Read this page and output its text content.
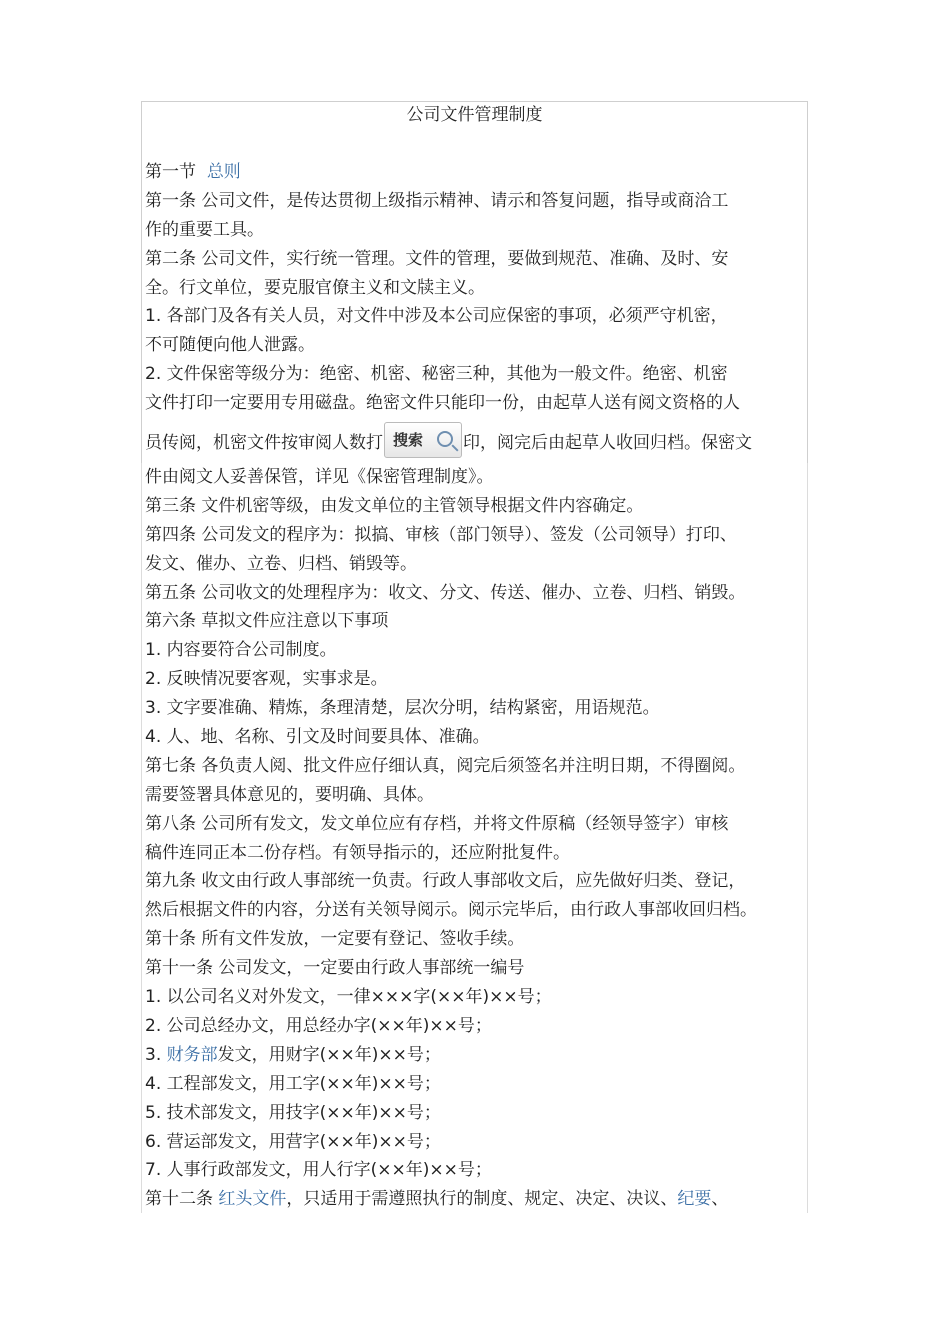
公司文件管理制度
第一节 总则
第一条 公司文件，是传达贯彻上级指示精神、请示和答复问题，指导或商洽工
作的重要工具。
第二条 公司文件，实行统一管理。文件的管理，要做到规范、准确、及时、安
全。行文单位，要克服官僚主义和文牍主义。
1. 各部门及各有关人员，对文件中涉及本公司应保密的事项，必须严守机密，
不可随便向他人泄露。
2. 文件保密等级分为：绝密、机密、秘密三种，其他为一般文件。绝密、机密
文件打印一定要用专用磁盘。绝密文件只能印一份，由起草人送有阅文资格的人
员传阅，机密文件按审阅人数打 搜索 印，阅完后由起草人收回归档。保密文
件由阅文人妥善保管，详见《保密管理制度》。
第三条 文件机密等级，由发文单位的主管领导根据文件内容确定。
第四条 公司发文的程序为：拟搞、审核（部门领导）、签发（公司领导）打印、
发文、催办、立卷、归档、销毁等。
第五条 公司收文的处理程序为：收文、分文、传送、催办、立卷、归档、销毁。
第六条 草拟文件应注意以下事项
1. 内容要符合公司制度。
2. 反映情况要客观，实事求是。
3. 文字要准确、精炼，条理清楚，层次分明，结构紧密，用语规范。
4. 人、地、名称、引文及时间要具体、准确。
第七条 各负责人阅、批文件应仔细认真，阅完后须签名并注明日期，不得圈阅。
需要签署具体意见的，要明确、具体。
第八条 公司所有发文，发文单位应有存档，并将文件原稿（经领导签字）审核
稿件连同正本二份存档。有领导指示的，还应附批复件。
第九条 收文由行政人事部统一负责。行政人事部收文后，应先做好归类、登记，
然后根据文件的内容，分送有关领导阅示。阅示完毕后，由行政人事部收回归档。
第十条 所有文件发放，一定要有登记、签收手续。
第十一条 公司发文，一定要由行政人事部统一编号
1. 以公司名义对外发文，一律×××字(××年)××号；
2. 公司总经办文，用总经办字(××年)××号；
3. 财务部发文，用财字(××年)××号；
4. 工程部发文，用工字(××年)××号；
5. 技术部发文，用技字(××年)××号；
6. 营运部发文，用营字(××年)××号；
7. 人事行政部发文，用人行字(××年)××号；
第十二条 红头文件，只适用于需遵照执行的制度、规定、决定、决议、纪要、
